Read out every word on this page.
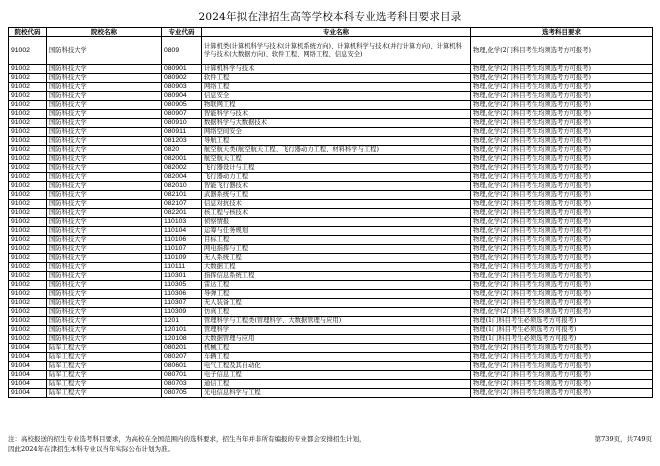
2024年拟在津招生高等学校本科专业选考科目要求目录
院校代码	院校名称	专业代码	专业名称	选考科目要求
91002	国防科技大学	0809	计算机类(计算机科学与技术(计算机系统方向)、计算机科学与技术(并行计算方向)、计算机科学与技术(大数据方向)、软件工程、网络工程、信息安全)	物理,化学(2门科目考生均须选考方可报考)
91002	国防科技大学	080901	计算机科学与技术	物理,化学(2门科目考生均须选考方可报考)
91002	国防科技大学	080902	软件工程	物理,化学(2门科目考生均须选考方可报考)
91002	国防科技大学	080903	网络工程	物理,化学(2门科目考生均须选考方可报考)
91002	国防科技大学	080904	信息安全	物理,化学(2门科目考生均须选考方可报考)
91002	国防科技大学	080905	物联网工程	物理,化学(2门科目考生均须选考方可报考)
91002	国防科技大学	080907	智能科学与技术	物理,化学(2门科目考生均须选考方可报考)
91002	国防科技大学	080910	数据科学与大数据技术	物理,化学(2门科目考生均须选考方可报考)
91002	国防科技大学	080911	网络空间安全	物理,化学(2门科目考生均须选考方可报考)
91002	国防科技大学	081203	导航工程	物理,化学(2门科目考生均须选考方可报考)
91002	国防科技大学	0820	航空航天类(航空航天工程、飞行器动力工程、材料科学与工程)	物理,化学(2门科目考生均须选考方可报考)
91002	国防科技大学	082001	航空航天工程	物理,化学(2门科目考生均须选考方可报考)
91002	国防科技大学	082002	飞行器设计与工程	物理,化学(2门科目考生均须选考方可报考)
91002	国防科技大学	082004	飞行器动力工程	物理,化学(2门科目考生均须选考方可报考)
91002	国防科技大学	082010	智能飞行器技术	物理,化学(2门科目考生均须选考方可报考)
91002	国防科技大学	082101	武器系统与工程	物理,化学(2门科目考生均须选考方可报考)
91002	国防科技大学	082107	信息对抗技术	物理,化学(2门科目考生均须选考方可报考)
91002	国防科技大学	082201	核工程与核技术	物理,化学(2门科目考生均须选考方可报考)
91002	国防科技大学	110103	侦察情报	物理,化学(2门科目考生均须选考方可报考)
91002	国防科技大学	110104	运筹与任务规划	物理,化学(2门科目考生均须选考方可报考)
91002	国防科技大学	110106	目标工程	物理,化学(2门科目考生均须选考方可报考)
91002	国防科技大学	110107	网电指挥与工程	物理,化学(2门科目考生均须选考方可报考)
91002	国防科技大学	110109	无人系统工程	物理,化学(2门科目考生均须选考方可报考)
91002	国防科技大学	110111	大数据工程	物理,化学(2门科目考生均须选考方可报考)
91002	国防科技大学	110301	指挥信息系统工程	物理,化学(2门科目考生均须选考方可报考)
91002	国防科技大学	110305	雷达工程	物理,化学(2门科目考生均须选考方可报考)
91002	国防科技大学	110306	导弹工程	物理,化学(2门科目考生均须选考方可报考)
91002	国防科技大学	110307	无人装备工程	物理,化学(2门科目考生均须选考方可报考)
91002	国防科技大学	110309	仿真工程	物理,化学(2门科目考生均须选考方可报考)
91002	国防科技大学	1201	管理科学与工程类(管理科学、大数据管理与应用)	物理(1门科目考生必须选考方可报考)
91002	国防科技大学	120101	管理科学	物理(1门科目考生必须选考方可报考)
91002	国防科技大学	120108	大数据管理与应用	物理(1门科目考生必须选考方可报考)
91004	陆军工程大学	080201	机械工程	物理,化学(2门科目考生均须选考方可报考)
91004	陆军工程大学	080207	车辆工程	物理,化学(2门科目考生均须选考方可报考)
91004	陆军工程大学	080601	电气工程及其自动化	物理,化学(2门科目考生均须选考方可报考)
91004	陆军工程大学	080701	电子信息工程	物理,化学(2门科目考生均须选考方可报考)
91004	陆军工程大学	080703	通信工程	物理,化学(2门科目考生均须选考方可报考)
91004	陆军工程大学	080705	光电信息科学与工程	物理,化学(2门科目考生均须选考方可报考)
注：高校报送的招生专业选考科目要求，为高校在全国范围内的选科要求，招生当年并非所有编报的专业都会安排招生计划，
因此2024年在津招生本科专业以当年实际公布计划为准。
第739页，共749页
